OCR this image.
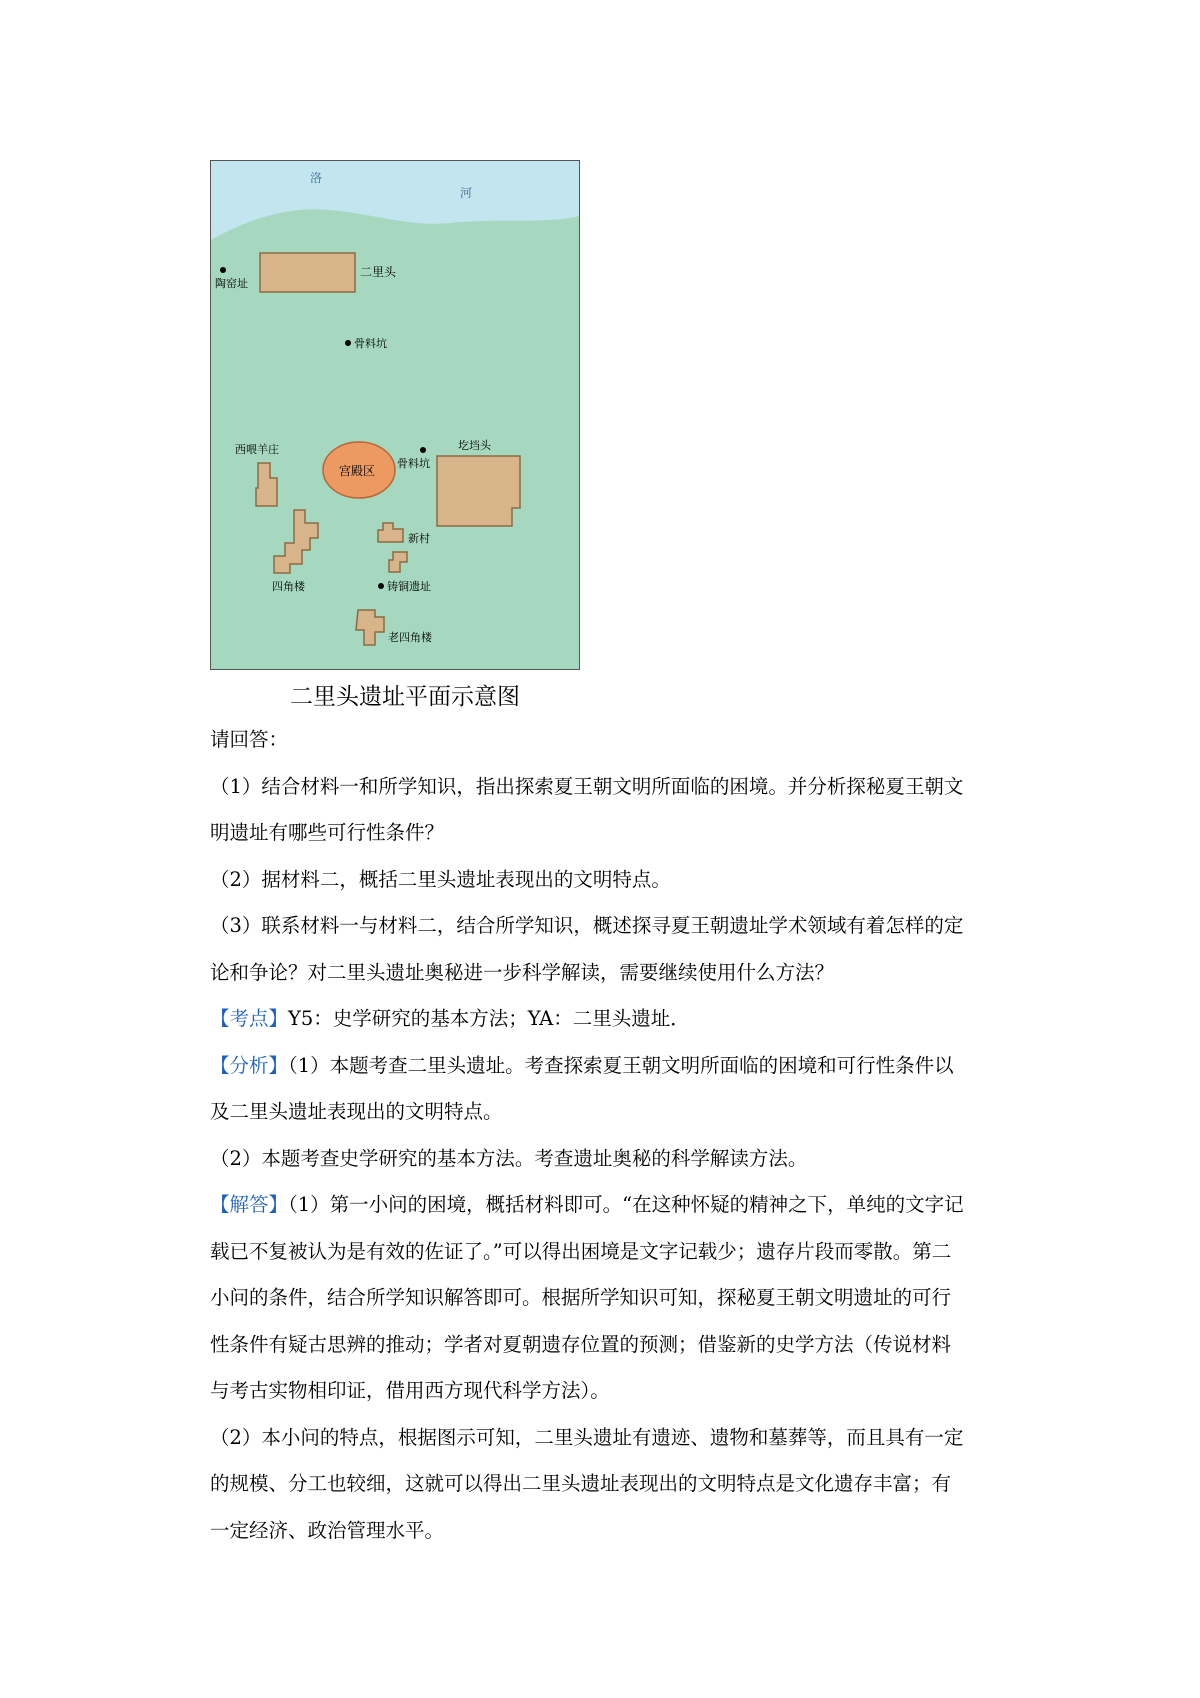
洛
河
二里头
陶窑址
骨料坑
圪垱头
骨料坑
宫殿区
西喂羊庄
四角楼
新村
铸铜遗址
老四角楼
二里头遗址平面示意图

请回答：

（1）结合材料一和所学知识，指出探索夏王朝文明所面临的困境。并分析探秘夏王朝文

明遗址有哪些可行性条件？

（2）据材料二，概括二里头遗址表现出的文明特点。

（3）联系材料一与材料二，结合所学知识，概述探寻夏王朝遗址学术领域有着怎样的定

论和争论？对二里头遗址奥秘进一步科学解读，需要继续使用什么方法？

【考点】Y5：史学研究的基本方法；YA：二里头遗址．

【分析】（1）本题考查二里头遗址。考查探索夏王朝文明所面临的困境和可行性条件以

及二里头遗址表现出的文明特点。

（2）本题考查史学研究的基本方法。考查遗址奥秘的科学解读方法。

【解答】（1）第一小问的困境，概括材料即可。“在这种怀疑的精神之下，单纯的文字记

载已不复被认为是有效的佐证了。”可以得出困境是文字记载少；遗存片段而零散。第二

小问的条件，结合所学知识解答即可。根据所学知识可知，探秘夏王朝文明遗址的可行

性条件有疑古思辨的推动；学者对夏朝遗存位置的预测；借鉴新的史学方法（传说材料

与考古实物相印证，借用西方现代科学方法）。

（2）本小问的特点，根据图示可知，二里头遗址有遗迹、遗物和墓葬等，而且具有一定

的规模、分工也较细，这就可以得出二里头遗址表现出的文明特点是文化遗存丰富；有

一定经济、政治管理水平。
